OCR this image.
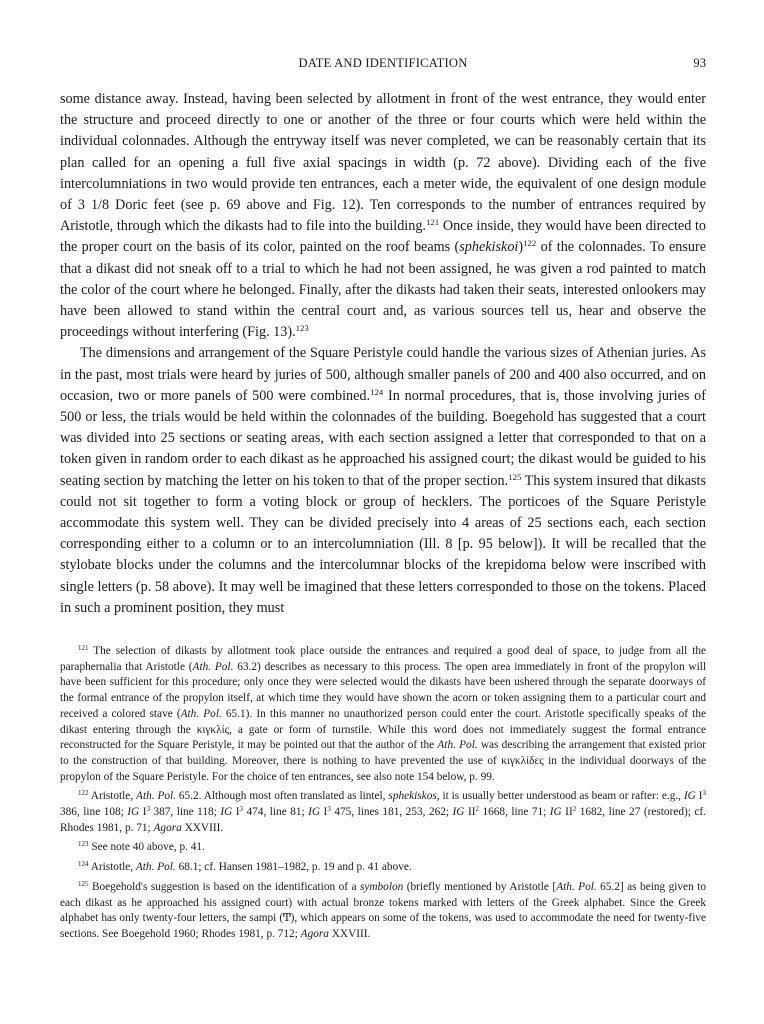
DATE AND IDENTIFICATION	93

some distance away. Instead, having been selected by allotment in front of the west entrance, they would enter the structure and proceed directly to one or another of the three or four courts which were held within the individual colonnades. Although the entryway itself was never completed, we can be reasonably certain that its plan called for an opening a full five axial spacings in width (p. 72 above). Dividing each of the five intercolumniations in two would provide ten entrances, each a meter wide, the equivalent of one design module of 3 1/8 Doric feet (see p. 69 above and Fig. 12). Ten corresponds to the number of entrances required by Aristotle, through which the dikasts had to file into the building.$^{121}$ Once inside, they would have been directed to the proper court on the basis of its color, painted on the roof beams (sphekiskoi)$^{122}$ of the colonnades. To ensure that a dikast did not sneak off to a trial to which he had not been assigned, he was given a rod painted to match the color of the court where he belonged. Finally, after the dikasts had taken their seats, interested onlookers may have been allowed to stand within the central court and, as various sources tell us, hear and observe the proceedings without interfering (Fig. 13).$^{123}$

The dimensions and arrangement of the Square Peristyle could handle the various sizes of Athenian juries. As in the past, most trials were heard by juries of 500, although smaller panels of 200 and 400 also occurred, and on occasion, two or more panels of 500 were combined.$^{124}$ In normal procedures, that is, those involving juries of 500 or less, the trials would be held within the colonnades of the building. Boegehold has suggested that a court was divided into 25 sections or seating areas, with each section assigned a letter that corresponded to that on a token given in random order to each dikast as he approached his assigned court; the dikast would be guided to his seating section by matching the letter on his token to that of the proper section.$^{125}$ This system insured that dikasts could not sit together to form a voting block or group of hecklers. The porticoes of the Square Peristyle accommodate this system well. They can be divided precisely into 4 areas of 25 sections each, each section corresponding either to a column or to an intercolumniation (Ill. 8 [p. 95 below]). It will be recalled that the stylobate blocks under the columns and the intercolumnar blocks of the krepidoma below were inscribed with single letters (p. 58 above). It may well be imagined that these letters corresponded to those on the tokens. Placed in such a prominent position, they must

$^{121}$ The selection of dikasts by allotment took place outside the entrances and required a good deal of space, to judge from all the paraphernalia that Aristotle (Ath. Pol. 63.2) describes as necessary to this process. The open area immediately in front of the propylon will have been sufficient for this procedure; only once they were selected would the dikasts have been ushered through the separate doorways of the formal entrance of the propylon itself, at which time they would have shown the acorn or token assigning them to a particular court and received a colored stave (Ath. Pol. 65.1). In this manner no unauthorized person could enter the court. Aristotle specifically speaks of the dikast entering through the κιγκλίς, a gate or form of turnstile. While this word does not immediately suggest the formal entrance reconstructed for the Square Peristyle, it may be pointed out that the author of the Ath. Pol. was describing the arrangement that existed prior to the construction of that building. Moreover, there is nothing to have prevented the use of κιγκλίδες in the individual doorways of the propylon of the Square Peristyle. For the choice of ten entrances, see also note 154 below, p. 99.

$^{122}$ Aristotle, Ath. Pol. 65.2. Although most often translated as lintel, sphekiskos, it is usually better understood as beam or rafter: e.g., IG $I^3$ 386, line 108; IG $I^3$ 387, line 118; IG $I^3$ 474, line 81; IG $I^3$ 475, lines 181, 253, 262; IG $II^2$ 1668, line 71; IG $II^2$ 1682, line 27 (restored); cf. Rhodes 1981, p. 71; Agora XXVIII.

$^{123}$ See note 40 above, p. 41.

$^{124}$ Aristotle, Ath. Pol. 68.1; cf. Hansen 1981–1982, p. 19 and p. 41 above.

$^{125}$ Boegehold's suggestion is based on the identification of a symbolon (briefly mentioned by Aristotle [Ath. Pol. 65.2] as being given to each dikast as he approached his assigned court) with actual bronze tokens marked with letters of the Greek alphabet. Since the Greek alphabet has only twenty-four letters, the sampi (Ͳ), which appears on some of the tokens, was used to accommodate the need for twenty-five sections. See Boegehold 1960; Rhodes 1981, p. 712; Agora XXVIII.
